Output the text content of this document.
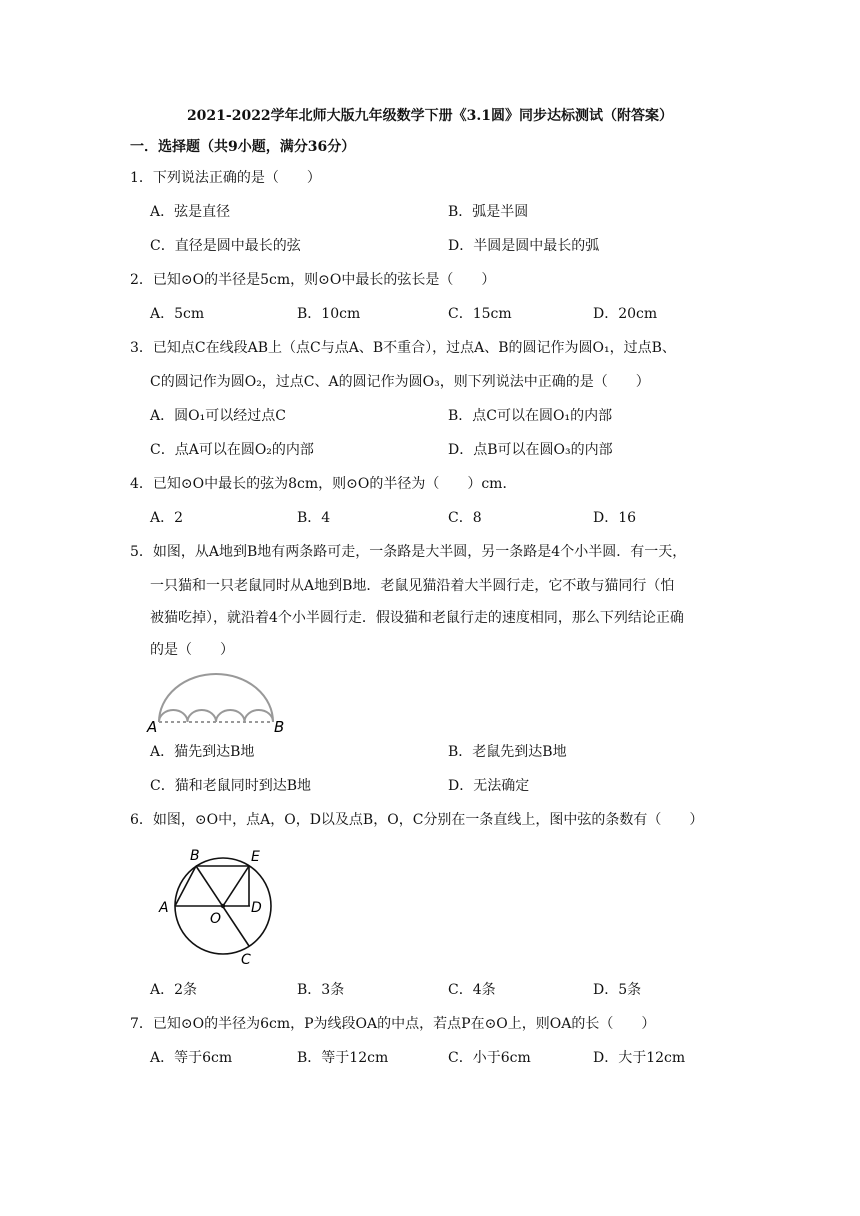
2021-2022学年北师大版九年级数学下册《3.1圆》同步达标测试（附答案）
一．选择题（共9小题，满分36分）
1．下列说法正确的是（　　）
A．弦是直径	B．弧是半圆
C．直径是圆中最长的弦	D．半圆是圆中最长的弧
2．已知⊙O的半径是5cm，则⊙O中最长的弦长是（　　）
A．5cm	B．10cm	C．15cm	D．20cm
3．已知点C在线段AB上（点C与点A、B不重合），过点A、B的圆记作为圆O₁，过点B、
C的圆记作为圆O₂，过点C、A的圆记作为圆O₃，则下列说法中正确的是（　　）
A．圆O₁可以经过点C	B．点C可以在圆O₁的内部
C．点A可以在圆O₂的内部	D．点B可以在圆O₃的内部
4．已知⊙O中最长的弦为8cm，则⊙O的半径为（　　）cm．
A．2	B．4	C．8	D．16
5．如图，从A地到B地有两条路可走，一条路是大半圆，另一条路是4个小半圆．有一天，
一只猫和一只老鼠同时从A地到B地．老鼠见猫沿着大半圆行走，它不敢与猫同行（怕
被猫吃掉），就沿着4个小半圆行走．假设猫和老鼠行走的速度相同，那么下列结论正确
的是（　　）
A	B
A．猫先到达B地	B．老鼠先到达B地
C．猫和老鼠同时到达B地	D．无法确定
6．如图，⊙O中，点A，O，D以及点B，O，C分别在一条直线上，图中弦的条数有（　　）
B	E
A	D
O
C
A．2条	B．3条	C．4条	D．5条
7．已知⊙O的半径为6cm，P为线段OA的中点，若点P在⊙O上，则OA的长（　　）
A．等于6cm	B．等于12cm	C．小于6cm	D．大于12cm
